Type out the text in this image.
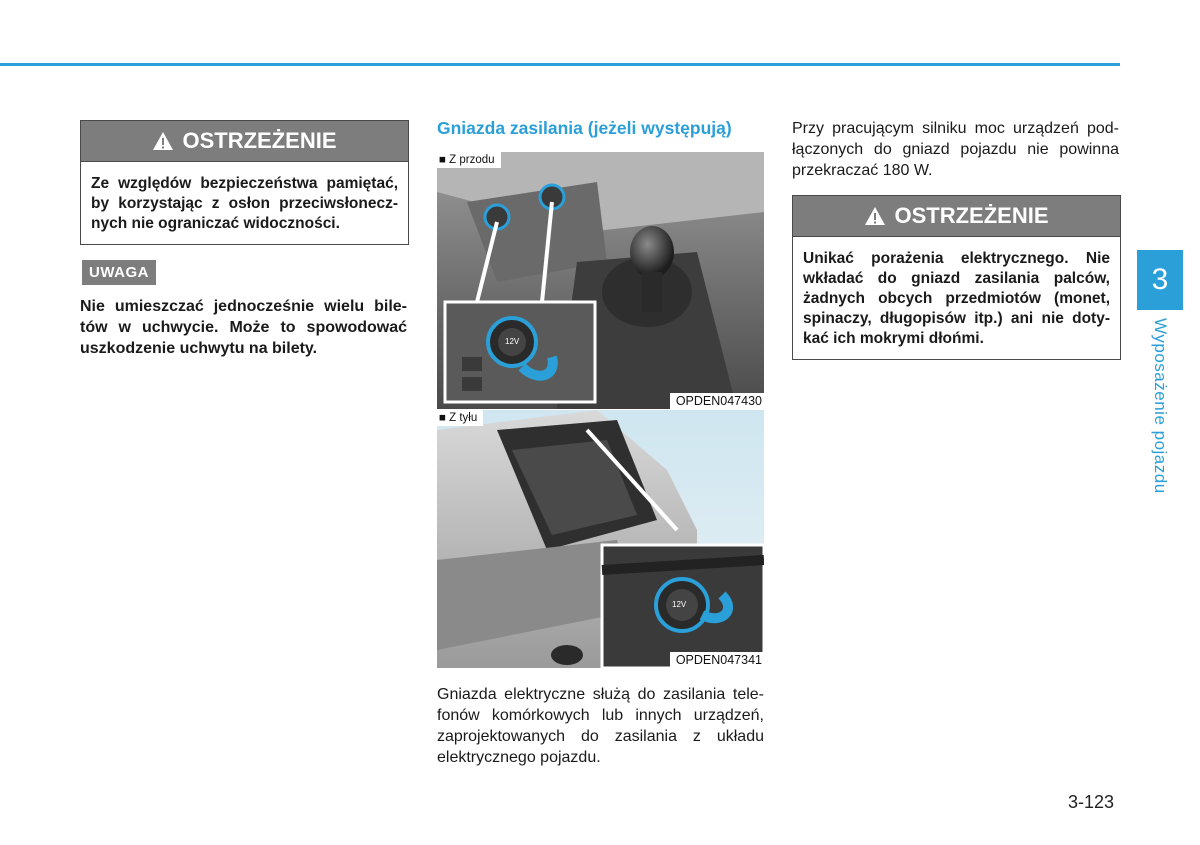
OSTRZEŻENIE
Ze względów bezpieczeństwa pamiętać, by korzystając z osłon przeciwsłonecz-nych nie ograniczać widoczności.
UWAGA
Nie umieszczać jednocześnie wielu bile-tów w uchwycie. Może to spowodować uszkodzenie uchwytu na bilety.
Gniazda zasilania (jeżeli występują)
12V
■ Z przodu
OPDEN047430
12V
■ Z tyłu
OPDEN047341
Gniazda elektryczne służą do zasilania tele-fonów komórkowych lub innych urządzeń, zaprojektowanych do zasilania z układu elektrycznego pojazdu.
Przy pracującym silniku moc urządzeń pod-łączonych do gniazd pojazdu nie powinna przekraczać 180 W.
OSTRZEŻENIE
Unikać porażenia elektrycznego. Nie wkładać do gniazd zasilania palców, żadnych obcych przedmiotów (monet, spinaczy, długopisów itp.) ani nie doty-kać ich mokrymi dłońmi.
3
Wyposażenie pojazdu
3-123
